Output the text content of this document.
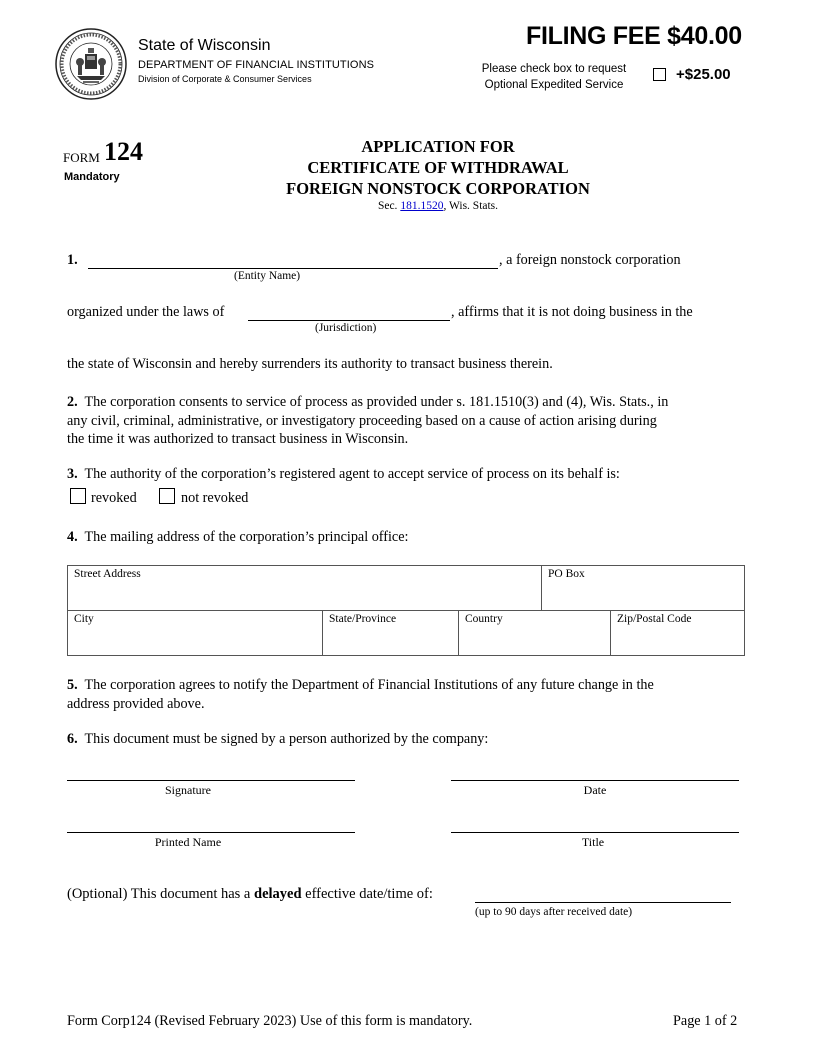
State of Wisconsin
DEPARTMENT OF FINANCIAL INSTITUTIONS
Division of Corporate & Consumer Services
FILING FEE $40.00
Please check box to request
Optional Expedited Service
+$25.00
FORM 124
Mandatory
APPLICATION FOR
CERTIFICATE OF WITHDRAWAL
FOREIGN NONSTOCK CORPORATION
Sec. 181.1520, Wis. Stats.
1.	, a foreign nonstock corporation
(Entity Name)
organized under the laws of	, affirms that it is not doing business in the
(Jurisdiction)
the state of Wisconsin and hereby surrenders its authority to transact business therein.
2. The corporation consents to service of process as provided under s. 181.1510(3) and (4), Wis. Stats., in
any civil, criminal, administrative, or investigatory proceeding based on a cause of action arising during
the time it was authorized to transact business in Wisconsin.
3. The authority of the corporation’s registered agent to accept service of process on its behalf is:
revoked	not revoked
4. The mailing address of the corporation’s principal office:
Street Address	PO Box
City	State/Province	Country	Zip/Postal Code
5. The corporation agrees to notify the Department of Financial Institutions of any future change in the
address provided above.
6. This document must be signed by a person authorized by the company:
Signature	Date
Printed Name	Title
(Optional) This document has a delayed effective date/time of:
(up to 90 days after received date)
Form Corp124 (Revised February 2023) Use of this form is mandatory.	Page 1 of 2
